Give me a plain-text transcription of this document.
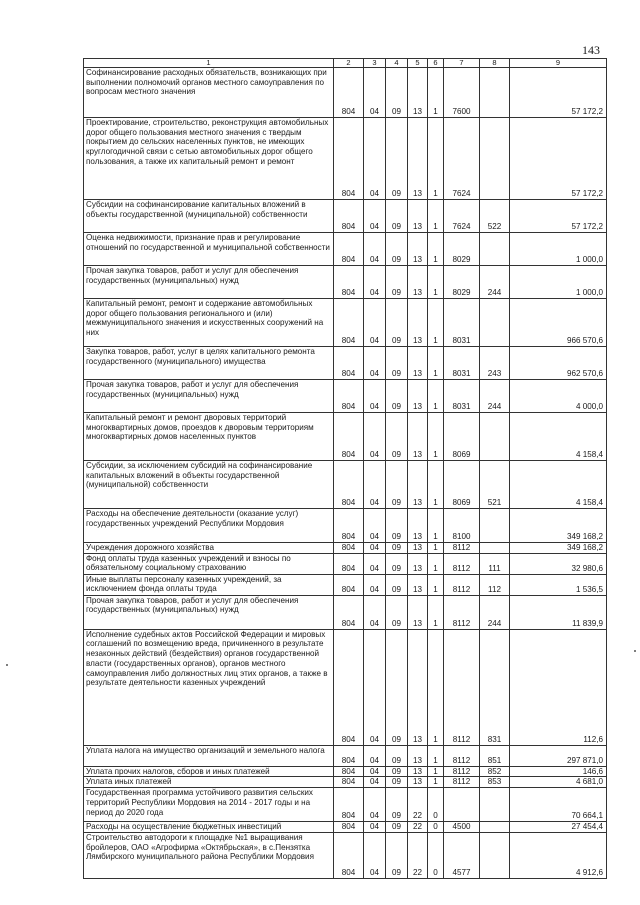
143
1	2	3	4	5	6	7	8	9
Софинансирование расходных обязательств, возникающих при выполнении полномочий органов местного самоуправления по вопросам местного значения	804	04	09	13	1	7600		57 172,2
Проектирование, строительство, реконструкция автомобильных дорог общего пользования местного значения с твердым покрытием до сельских населенных пунктов, не имеющих круглогодичной связи с сетью автомобильных дорог общего пользования, а также их капитальный ремонт и ремонт	804	04	09	13	1	7624		57 172,2
Субсидии на софинансирование капитальных вложений в объекты государственной (муниципальной) собственности	804	04	09	13	1	7624	522	57 172,2
Оценка недвижимости, признание прав и регулирование отношений по государственной и муниципальной собственности	804	04	09	13	1	8029		1 000,0
Прочая закупка товаров, работ и услуг для обеспечения государственных (муниципальных) нужд	804	04	09	13	1	8029	244	1 000,0
Капитальный ремонт, ремонт и содержание автомобильных дорог общего пользования регионального и (или) межмуниципального значения и искусственных сооружений на них	804	04	09	13	1	8031		966 570,6
Закупка товаров, работ, услуг в целях капитального ремонта государственного (муниципального) имущества	804	04	09	13	1	8031	243	962 570,6
Прочая закупка товаров, работ и услуг для обеспечения государственных (муниципальных) нужд	804	04	09	13	1	8031	244	4 000,0
Капитальный ремонт и ремонт дворовых территорий многоквартирных домов, проездов к дворовым территориям многоквартирных домов населенных пунктов	804	04	09	13	1	8069		4 158,4
Субсидии, за исключением субсидий на софинансирование капитальных вложений в объекты государственной (муниципальной) собственности	804	04	09	13	1	8069	521	4 158,4
Расходы на обеспечение деятельности (оказание услуг) государственных учреждений Республики Мордовия	804	04	09	13	1	8100		349 168,2
Учреждения дорожного хозяйства	804	04	09	13	1	8112		349 168,2
Фонд оплаты труда казенных учреждений и взносы по обязательному социальному страхованию	804	04	09	13	1	8112	111	32 980,6
Иные выплаты персоналу казенных учреждений, за исключением фонда оплаты труда	804	04	09	13	1	8112	112	1 536,5
Прочая закупка товаров, работ и услуг для обеспечения государственных (муниципальных) нужд	804	04	09	13	1	8112	244	11 839,9
Исполнение судебных актов Российской Федерации и мировых соглашений по возмещению вреда, причиненного в результате незаконных действий (бездействия) органов государственной власти (государственных органов), органов местного самоуправления либо должностных лиц этих органов, а также в результате деятельности казенных учреждений	804	04	09	13	1	8112	831	112,6
Уплата налога на имущество организаций и земельного налога	804	04	09	13	1	8112	851	297 871,0
Уплата прочих налогов, сборов и иных платежей	804	04	09	13	1	8112	852	146,6
Уплата иных платежей	804	04	09	13	1	8112	853	4 681,0
Государственная программа устойчивого развития сельских территорий Республики Мордовия на 2014 - 2017 годы и на период до 2020 года	804	04	09	22	0			70 664,1
Расходы на осуществление бюджетных инвестиций	804	04	09	22	0	4500		27 454,4
Строительство автодороги к площадке №1 выращивания бройлеров, ОАО «Агрофирма «Октябрьская», в с.Пензятка Лямбирского муниципального района Республики Мордовия	804	04	09	22	0	4577		4 912,6
